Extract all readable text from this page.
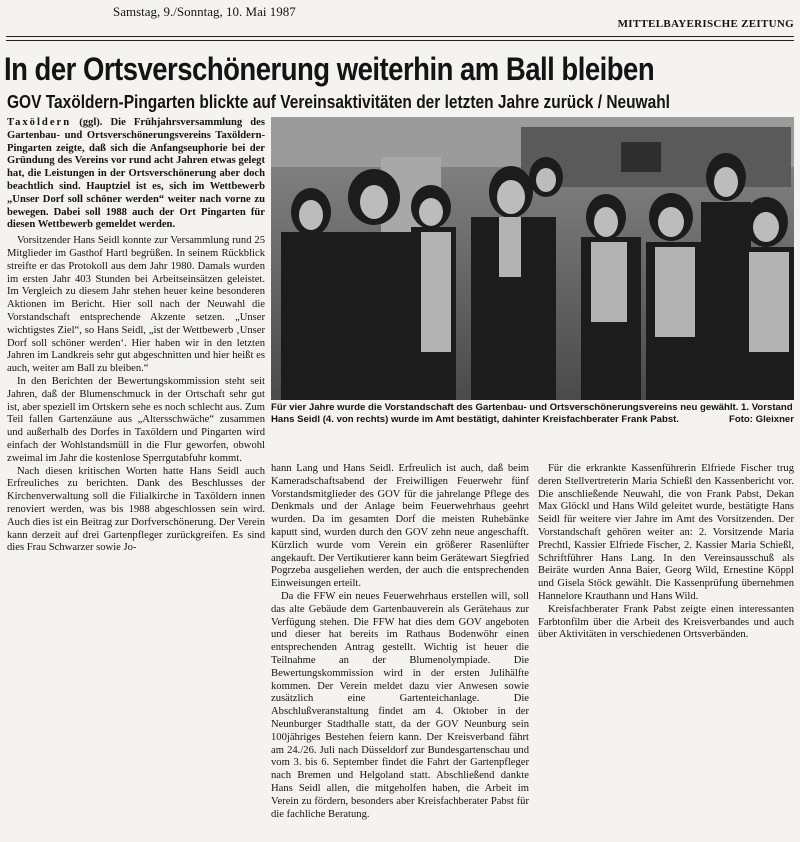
Samstag, 9./Sonntag, 10. Mai 1987
MITTELBAYERISCHE ZEITUNG
In der Ortsverschönerung weiterhin am Ball bleiben
GOV Taxöldern-Pingarten blickte auf Vereinsaktivitäten der letzten Jahre zurück / Neuwahl

Taxöldern (ggl). Die Frühjahrsversammlung des Gartenbau- und Ortsverschönerungsvereins Taxöldern-Pingarten zeigte, daß sich die Anfangseuphorie bei der Gründung des Vereins vor rund acht Jahren etwas gelegt hat, die Leistungen in der Ortsverschönerung aber doch beachtlich sind. Hauptziel ist es, sich im Wettbewerb „Unser Dorf soll schöner werden“ weiter nach vorne zu bewegen. Dabei soll 1988 auch der Ort Pingarten für diesen Wettbewerb gemeldet werden.

Vorsitzender Hans Seidl konnte zur Versammlung rund 25 Mitglieder im Gasthof Hartl begrüßen. In seinem Rückblick streifte er das Protokoll aus dem Jahr 1980. Damals wurden im ersten Jahr 403 Stunden bei Arbeitseinsätzen geleistet. Im Vergleich zu diesem Jahr stehen heuer keine besonderen Aktionen im Bericht. Hier soll nach der Neuwahl die Vorstandschaft entsprechende Akzente setzen. „Unser wichtigstes Ziel“, so Hans Seidl, „ist der Wettbewerb ‚Unser Dorf soll schöner werden‘. Hier haben wir in den letzten Jahren im Landkreis sehr gut abgeschnitten und hier heißt es auch, weiter am Ball zu bleiben.“

In den Berichten der Bewertungskommission steht seit Jahren, daß der Blumenschmuck in der Ortschaft sehr gut ist, aber speziell im Ortskern sehe es noch schlecht aus. Zum Teil fallen Gartenzäune aus „Altersschwäche“ zusammen und außerhalb des Dorfes in Taxöldern und Pingarten wird einfach der Wohlstandsmüll in die Flur geworfen, obwohl zweimal im Jahr die kostenlose Sperrgutabfuhr kommt.

Nach diesen kritischen Worten hatte Hans Seidl auch Erfreuliches zu berichten. Dank des Beschlusses der Kirchenverwaltung soll die Filialkirche in Taxöldern innen renoviert werden, was bis 1988 abgeschlossen sein wird. Auch dies ist ein Beitrag zur Dorfverschönerung. Der Verein kann derzeit auf drei Gartenpfleger zurückgreifen. Es sind dies Frau Schwarzer sowie Jo-

Für vier Jahre wurde die Vorstandschaft des Gartenbau- und Ortsverschönerungsvereins neu gewählt. 1. Vorstand Hans Seidl (4. von rechts) wurde im Amt bestätigt, dahinter Kreisfachberater Frank Pabst.	Foto: Gleixner

hann Lang und Hans Seidl. Erfreulich ist auch, daß beim Kameradschaftsabend der Freiwilligen Feuerwehr fünf Vorstandsmitglieder des GOV für die jahrelange Pflege des Denkmals und der Anlage beim Feuerwehrhaus geehrt wurden. Da im gesamten Dorf die meisten Ruhebänke kaputt sind, wurden durch den GOV zehn neue angeschafft. Kürzlich wurde vom Verein ein größerer Rasenlüfter angekauft. Der Vertikutierer kann beim Gerätewart Siegfried Pogrzeba ausgeliehen werden, der auch die entsprechenden Einweisungen erteilt.

Da die FFW ein neues Feuerwehrhaus erstellen will, soll das alte Gebäude dem Gartenbauverein als Gerätehaus zur Verfügung stehen. Die FFW hat dies dem GOV angeboten und dieser hat bereits im Rathaus Bodenwöhr einen entsprechenden Antrag gestellt. Wichtig ist heuer die Teilnahme an der Blumenolympiade. Die Bewertungskommission wird in der ersten Julihälfte kommen. Der Verein meldet dazu vier Anwesen sowie zusätzlich eine Gartenteichanlage. Die Abschlußveranstaltung findet am 4. Oktober in der Neunburger Stadthalle statt, da der GOV Neunburg sein 100jähriges Bestehen feiern kann. Der Kreisverband fährt am 24./26. Juli nach Düsseldorf zur Bundesgartenschau und vom 3. bis 6. September findet die Fahrt der Gartenpfleger nach Bremen und Helgoland statt. Abschließend dankte Hans Seidl allen, die mitgeholfen haben, die Arbeit im Verein zu fördern, besonders aber Kreisfachberater Pabst für die fachliche Beratung.

Für die erkrankte Kassenführerin Elfriede Fischer trug deren Stellvertreterin Maria Schießl den Kassenbericht vor. Die anschließende Neuwahl, die von Frank Pabst, Dekan Max Glöckl und Hans Wild geleitet wurde, bestätigte Hans Seidl für weitere vier Jahre im Amt des Vorsitzenden. Der Vorstandschaft gehören weiter an: 2. Vorsitzende Maria Prechtl, Kassier Elfriede Fischer, 2. Kassier Maria Schießl, Schriftführer Hans Lang. In den Vereinsausschuß als Beiräte wurden Anna Baier, Georg Wild, Ernestine Köppl und Gisela Stöck gewählt. Die Kassenprüfung übernehmen Hannelore Krauthann und Hans Wild.

Kreisfachberater Frank Pabst zeigte einen interessanten Farbtonfilm über die Arbeit des Kreisverbandes und auch über Aktivitäten in verschiedenen Ortsverbänden.
